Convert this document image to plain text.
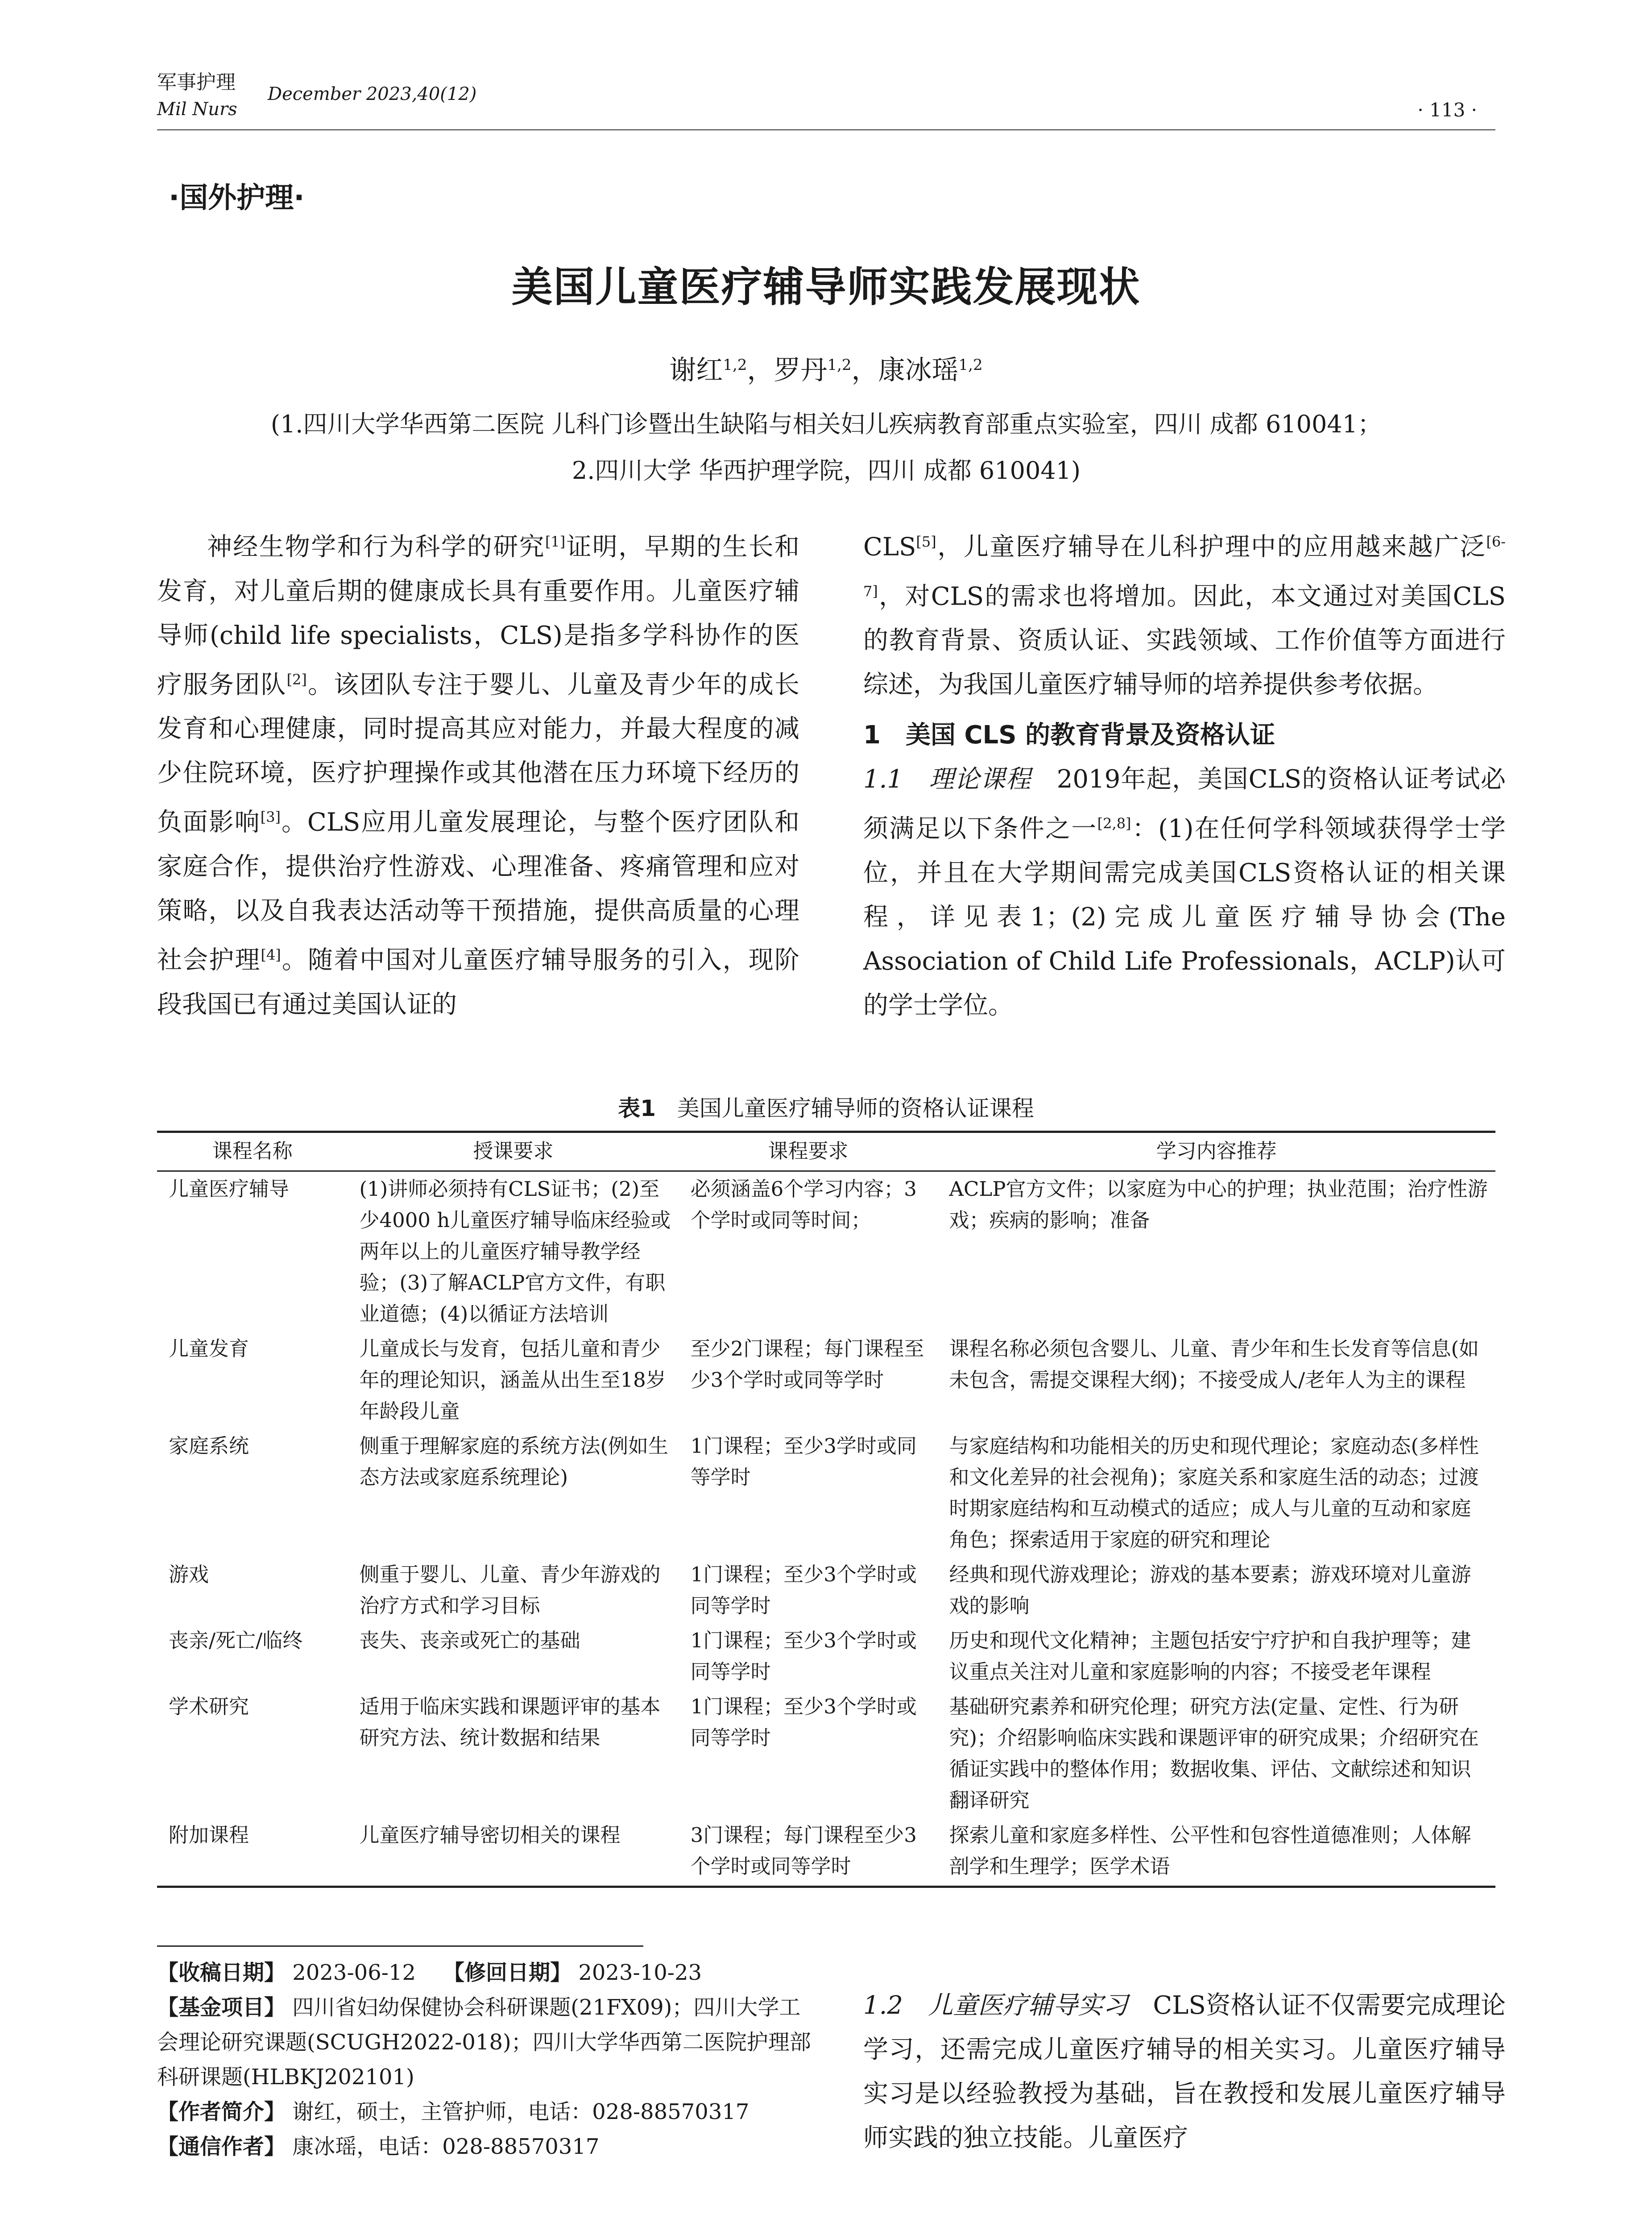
军事护理
Mil Nurs
December 2023,40(12)
· 113 ·
·国外护理·
美国儿童医疗辅导师实践发展现状
谢红$^{1,2}$，罗丹$^{1,2}$，康冰瑶$^{1,2}$
(1.四川大学华西第二医院 儿科门诊暨出生缺陷与相关妇儿疾病教育部重点实验室，四川 成都 610041；
2.四川大学 华西护理学院，四川 成都 610041)

神经生物学和行为科学的研究[1]证明，早期的生长和发育，对儿童后期的健康成长具有重要作用。儿童医疗辅导师(child life specialists，CLS)是指多学科协作的医疗服务团队[2]。该团队专注于婴儿、儿童及青少年的成长发育和心理健康，同时提高其应对能力，并最大程度的减少住院环境，医疗护理操作或其他潜在压力环境下经历的负面影响[3]。CLS应用儿童发展理论，与整个医疗团队和家庭合作，提供治疗性游戏、心理准备、疼痛管理和应对策略，以及自我表达活动等干预措施，提供高质量的心理社会护理[4]。随着中国对儿童医疗辅导服务的引入，现阶段我国已有通过美国认证的

CLS[5]，儿童医疗辅导在儿科护理中的应用越来越广泛[6-7]，对CLS的需求也将增加。因此，本文通过对美国CLS的教育背景、资质认证、实践领域、工作价值等方面进行综述，为我国儿童医疗辅导师的培养提供参考依据。

1　美国 CLS 的教育背景及资格认证

1.1　理论课程　2019年起，美国CLS的资格认证考试必须满足以下条件之一[2,8]：(1)在任何学科领域获得学士学位，并且在大学期间需完成美国CLS资格认证的相关课程，详见表1；(2)完成儿童医疗辅导协会(The Association of Child Life Professionals，ACLP)认可的学士学位。

表1 美国儿童医疗辅导师的资格认证课程
课程名称	授课要求	课程要求	学习内容推荐
儿童医疗辅导	(1)讲师必须持有CLS证书；(2)至少4000 h儿童医疗辅导临床经验或两年以上的儿童医疗辅导教学经验；(3)了解ACLP官方文件，有职业道德；(4)以循证方法培训	必须涵盖6个学习内容；3个学时或同等时间；	ACLP官方文件；以家庭为中心的护理；执业范围；治疗性游戏；疾病的影响；准备
儿童发育	儿童成长与发育，包括儿童和青少年的理论知识，涵盖从出生至18岁年龄段儿童	至少2门课程；每门课程至少3个学时或同等学时	课程名称必须包含婴儿、儿童、青少年和生长发育等信息(如未包含，需提交课程大纲)；不接受成人/老年人为主的课程
家庭系统	侧重于理解家庭的系统方法(例如生态方法或家庭系统理论)	1门课程；至少3学时或同等学时	与家庭结构和功能相关的历史和现代理论；家庭动态(多样性和文化差异的社会视角)；家庭关系和家庭生活的动态；过渡时期家庭结构和互动模式的适应；成人与儿童的互动和家庭角色；探索适用于家庭的研究和理论
游戏	侧重于婴儿、儿童、青少年游戏的治疗方式和学习目标	1门课程；至少3个学时或同等学时	经典和现代游戏理论；游戏的基本要素；游戏环境对儿童游戏的影响
丧亲/死亡/临终	丧失、丧亲或死亡的基础	1门课程；至少3个学时或同等学时	历史和现代文化精神；主题包括安宁疗护和自我护理等；建议重点关注对儿童和家庭影响的内容；不接受老年课程
学术研究	适用于临床实践和课题评审的基本研究方法、统计数据和结果	1门课程；至少3个学时或同等学时	基础研究素养和研究伦理；研究方法(定量、定性、行为研究)；介绍影响临床实践和课题评审的研究成果；介绍研究在循证实践中的整体作用；数据收集、评估、文献综述和知识翻译研究
附加课程	儿童医疗辅导密切相关的课程	3门课程；每门课程至少3个学时或同等学时	探索儿童和家庭多样性、公平性和包容性道德准则；人体解剖学和生理学；医学术语

【收稿日期】 2023-06-12 【修回日期】 2023-10-23

【基金项目】 四川省妇幼保健协会科研课题(21FX09)；四川大学工会理论研究课题(SCUGH2022-018)；四川大学华西第二医院护理部科研课题(HLBKJ202101)

【作者简介】 谢红，硕士，主管护师，电话：028-88570317

【通信作者】 康冰瑶，电话：028-88570317

1.2　儿童医疗辅导实习　CLS资格认证不仅需要完成理论学习，还需完成儿童医疗辅导的相关实习。儿童医疗辅导实习是以经验教授为基础，旨在教授和发展儿童医疗辅导师实践的独立技能。儿童医疗
